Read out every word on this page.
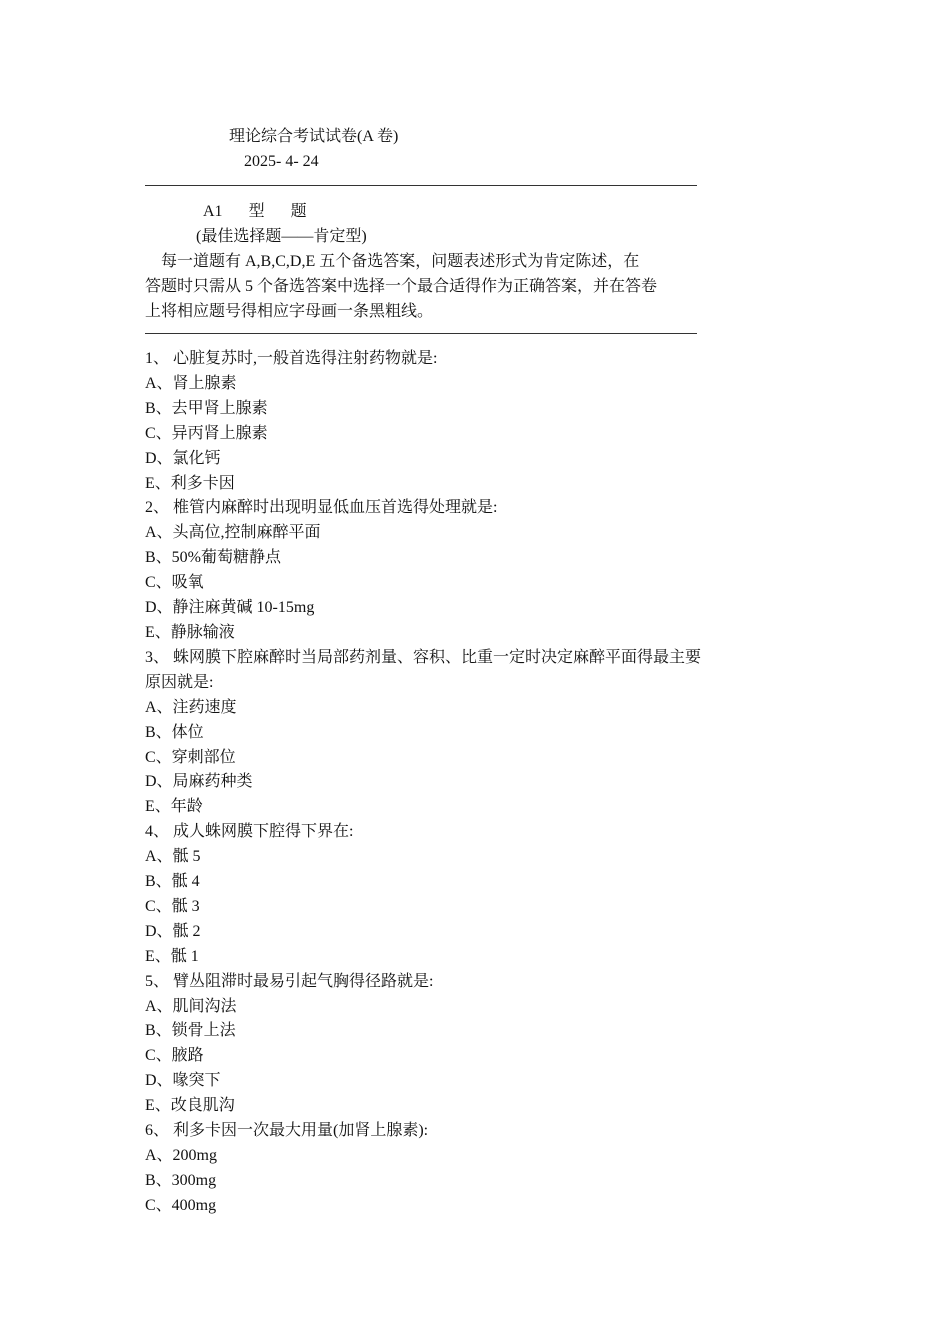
理论综合考试试卷(A 卷)
2025- 4- 24
A1 型 题
(最佳选择题——肯定型)
每一道题有 A,B,C,D,E 五个备选答案，问题表述形式为肯定陈述，在
答题时只需从 5 个备选答案中选择一个最合适得作为正确答案，并在答卷
上将相应题号得相应字母画一条黑粗线。
1、 心脏复苏时,一般首选得注射药物就是:
A、肾上腺素
B、去甲肾上腺素
C、异丙肾上腺素
D、氯化钙
E、利多卡因
2、 椎管内麻醉时出现明显低血压首选得处理就是:
A、头高位,控制麻醉平面
B、50%葡萄糖静点
C、吸氧
D、静注麻黄碱 10-15mg
E、静脉输液
3、 蛛网膜下腔麻醉时当局部药剂量、容积、比重一定时决定麻醉平面得最主要
原因就是:
A、注药速度
B、体位
C、穿刺部位
D、局麻药种类
E、年龄
4、 成人蛛网膜下腔得下界在:
A、骶 5
B、骶 4
C、骶 3
D、骶 2
E、骶 1
5、 臂丛阻滞时最易引起气胸得径路就是:
A、肌间沟法
B、锁骨上法
C、腋路
D、喙突下
E、改良肌沟
6、 利多卡因一次最大用量(加肾上腺素):
A、200mg
B、300mg
C、400mg
